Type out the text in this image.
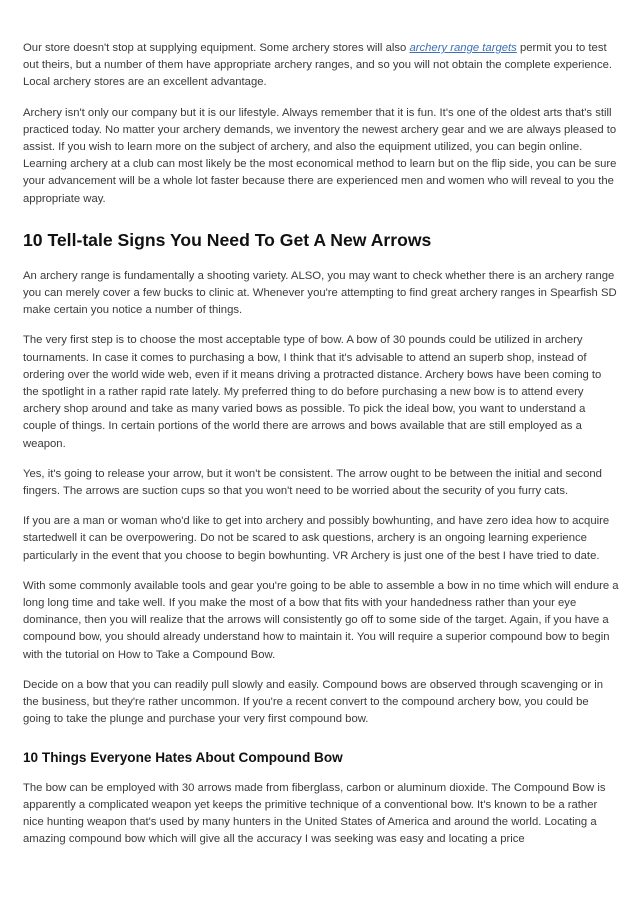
Our store doesn't stop at supplying equipment. Some archery stores will also archery range targets permit you to test out theirs, but a number of them have appropriate archery ranges, and so you will not obtain the complete experience. Local archery stores are an excellent advantage.

Archery isn't only our company but it is our lifestyle. Always remember that it is fun. It's one of the oldest arts that's still practiced today. No matter your archery demands, we inventory the newest archery gear and we are always pleased to assist. If you wish to learn more on the subject of archery, and also the equipment utilized, you can begin online. Learning archery at a club can most likely be the most economical method to learn but on the flip side, you can be sure your advancement will be a whole lot faster because there are experienced men and women who will reveal to you the appropriate way.

10 Tell-tale Signs You Need To Get A New Arrows

An archery range is fundamentally a shooting variety. ALSO, you may want to check whether there is an archery range you can merely cover a few bucks to clinic at. Whenever you're attempting to find great archery ranges in Spearfish SD make certain you notice a number of things.

The very first step is to choose the most acceptable type of bow. A bow of 30 pounds could be utilized in archery tournaments. In case it comes to purchasing a bow, I think that it's advisable to attend an superb shop, instead of ordering over the world wide web, even if it means driving a protracted distance. Archery bows have been coming to the spotlight in a rather rapid rate lately. My preferred thing to do before purchasing a new bow is to attend every archery shop around and take as many varied bows as possible. To pick the ideal bow, you want to understand a couple of things. In certain portions of the world there are arrows and bows available that are still employed as a weapon.

Yes, it's going to release your arrow, but it won't be consistent. The arrow ought to be between the initial and second fingers. The arrows are suction cups so that you won't need to be worried about the security of you furry cats.

If you are a man or woman who'd like to get into archery and possibly bowhunting, and have zero idea how to acquire startedwell it can be overpowering. Do not be scared to ask questions, archery is an ongoing learning experience particularly in the event that you choose to begin bowhunting. VR Archery is just one of the best I have tried to date.

With some commonly available tools and gear you're going to be able to assemble a bow in no time which will endure a long long time and take well. If you make the most of a bow that fits with your handedness rather than your eye dominance, then you will realize that the arrows will consistently go off to some side of the target. Again, if you have a compound bow, you should already understand how to maintain it. You will require a superior compound bow to begin with the tutorial on How to Take a Compound Bow.

Decide on a bow that you can readily pull slowly and easily. Compound bows are observed through scavenging or in the business, but they're rather uncommon. If you're a recent convert to the compound archery bow, you could be going to take the plunge and purchase your very first compound bow.

10 Things Everyone Hates About Compound Bow

The bow can be employed with 30 arrows made from fiberglass, carbon or aluminum dioxide. The Compound Bow is apparently a complicated weapon yet keeps the primitive technique of a conventional bow. It's known to be a rather nice hunting weapon that's used by many hunters in the United States of America and around the world. Locating a amazing compound bow which will give all the accuracy I was seeking was easy and locating a price
